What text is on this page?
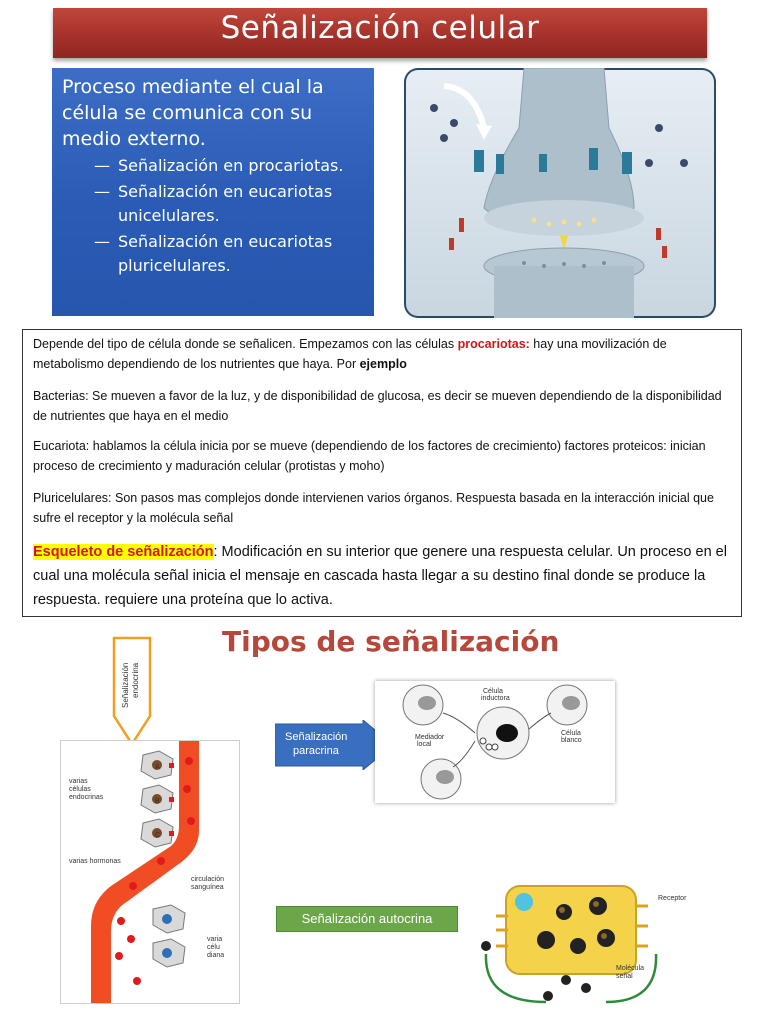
Señalización celular
Proceso mediante el cual la célula se comunica con su medio externo.
— Señalización en procariotas.
— Señalización en eucariotas unicelulares.
— Señalización en eucariotas pluricelulares.

Depende del tipo de célula donde se señalicen. Empezamos con las células procariotas: hay una movilización de metabolismo dependiendo de los nutrientes que haya. Por ejemplo

Bacterias: Se mueven a favor de la luz, y de disponibilidad de glucosa, es decir se mueven dependiendo de la disponibilidad de nutrientes que haya en el medio

Eucariota: hablamos la célula inicia por se mueve (dependiendo de los factores de crecimiento) factores proteicos: inician proceso de crecimiento y maduración celular (protistas y moho)

Pluricelulares: Son pasos mas complejos donde intervienen varios órganos. Respuesta basada en la interacción inicial que sufre el receptor y la molécula señal

Esqueleto de señalización: Modificación en su interior que genere una respuesta celular. Un proceso en el cual una molécula señal inicia el mensaje en cascada hasta llegar a su destino final donde se produce la respuesta. requiere una proteína que lo activa.

Tipos de señalización
Señalización endocrina
varias
células
endocrinas
A
B
C
varias hormonas
circulación
sanguínea
varia
célu
diana
Señalización
paracrina
Célula
inductora
Mediador
local
Célula
blanco
Señalización autocrina
Receptor
Molécula
señal
